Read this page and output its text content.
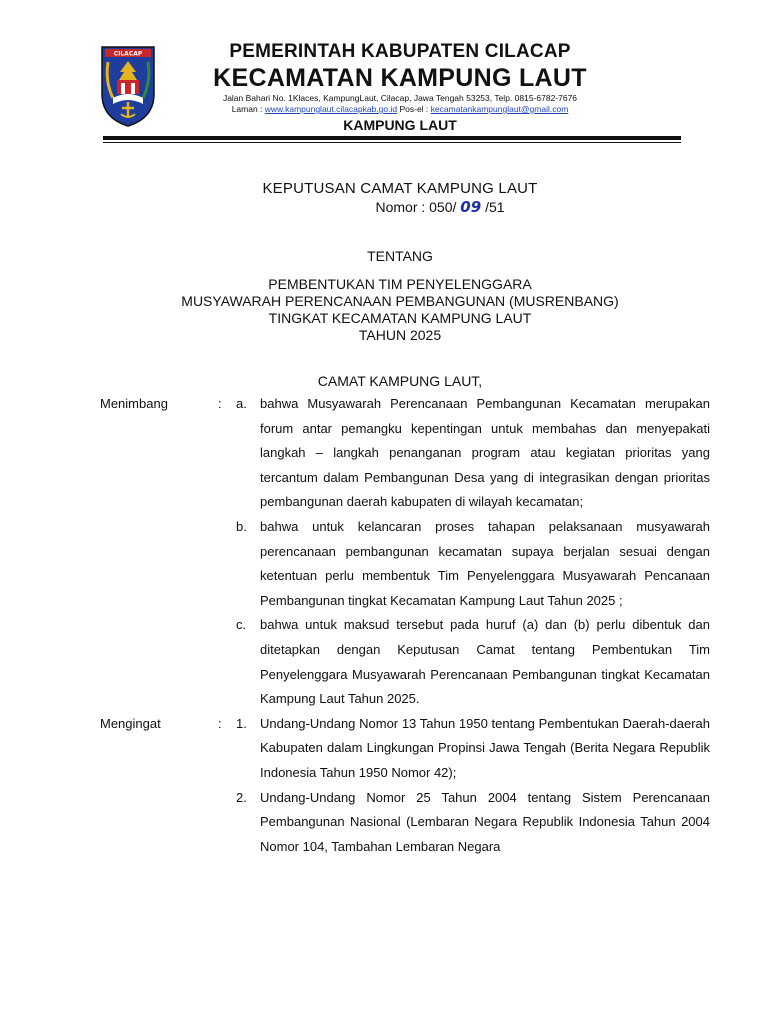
CILACAP	PEMERINTAH KABUPATEN CILACAP
KECAMATAN KAMPUNG LAUT
Jalan Bahari No. 1Klaces, KampungLaut, Cilacap, Jawa Tengah 53253, Telp. 0815-6782-7676
Laman : www.kampunglaut.cilacapkab.go.id Pos-el : kecamatankampunglaut@gmail.com
KAMPUNG LAUT
KEPUTUSAN CAMAT KAMPUNG LAUT
Nomor : 050/ 09 /51
TENTANG
PEMBENTUKAN TIM PENYELENGGARA
MUSYAWARAH PERENCANAAN PEMBANGUNAN (MUSRENBANG)
TINGKAT KECAMATAN KAMPUNG LAUT
TAHUN 2025
CAMAT KAMPUNG LAUT,
Menimbang	: a. bahwa Musyawarah Perencanaan Pembangunan Kecamatan merupakan forum antar pemangku kepentingan untuk membahas dan menyepakati langkah – langkah penanganan program atau kegiatan prioritas yang tercantum dalam Pembangunan Desa yang di integrasikan dengan prioritas pembangunan daerah kabupaten di wilayah kecamatan;
b. bahwa untuk kelancaran proses tahapan pelaksanaan musyawarah perencanaan pembangunan kecamatan supaya berjalan sesuai dengan ketentuan perlu membentuk Tim Penyelenggara Musyawarah Pencanaan Pembangunan tingkat Kecamatan Kampung Laut Tahun 2025 ;
c. bahwa untuk maksud tersebut pada huruf (a) dan (b) perlu dibentuk dan ditetapkan dengan Keputusan Camat tentang Pembentukan Tim Penyelenggara Musyawarah Perencanaan Pembangunan tingkat Kecamatan Kampung Laut Tahun 2025.
Mengingat	: 1. Undang-Undang Nomor 13 Tahun 1950 tentang Pembentukan Daerah-daerah Kabupaten dalam Lingkungan Propinsi Jawa Tengah (Berita Negara Republik Indonesia Tahun 1950 Nomor 42);
2. Undang-Undang Nomor 25 Tahun 2004 tentang Sistem Perencanaan Pembangunan Nasional (Lembaran Negara Republik Indonesia Tahun 2004 Nomor 104, Tambahan Lembaran Negara
